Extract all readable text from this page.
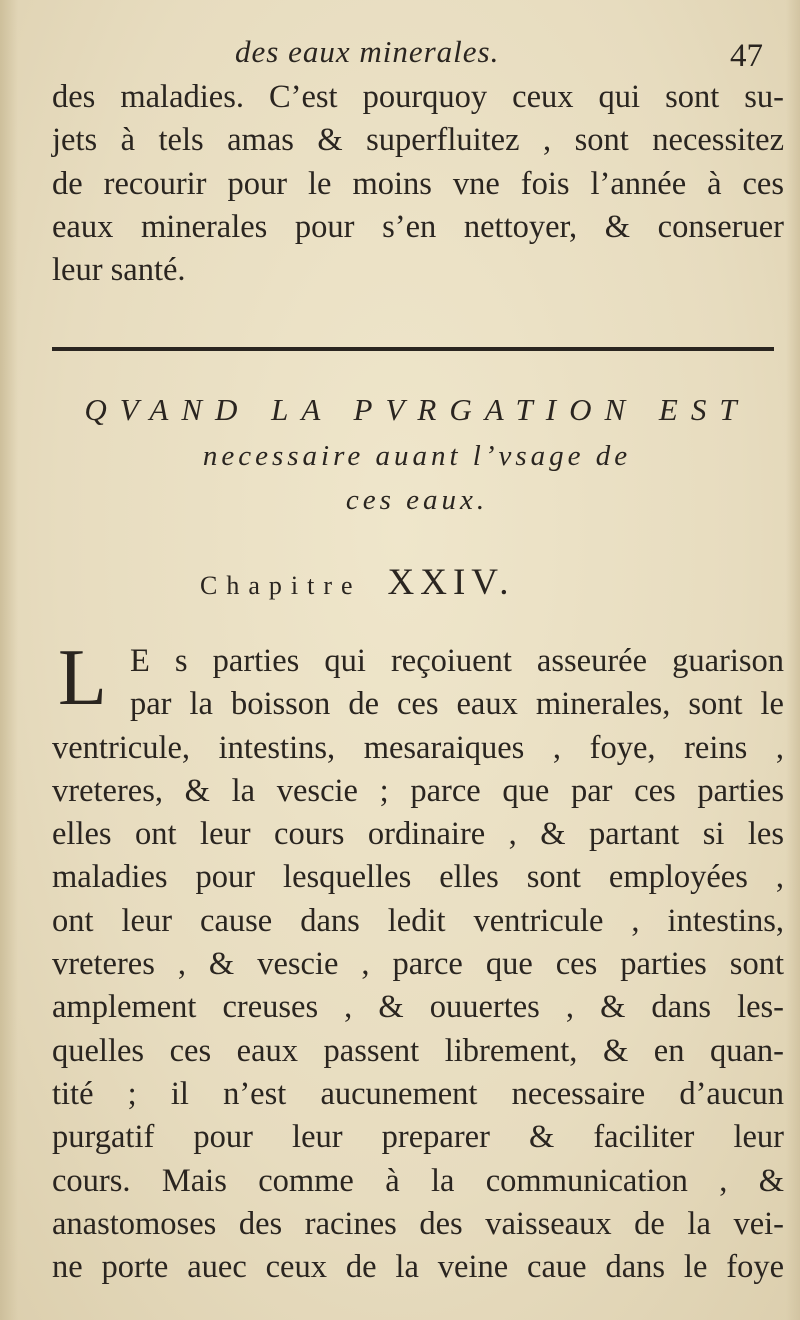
des eaux minerales.	47

des maladies. C’est pourquoy ceux qui sont su-
jets à tels amas & superfluitez , sont necessitez
de recourir pour le moins vne fois l’année à ces
eaux minerales pour s’en nettoyer, & conseruer
leur santé.

QVAND LA PVRGATION EST

necessaire auant l’vsage de

ces eaux.

Chapitre XXIV.
L E s parties qui reçoiuent asseurée guarison
par la boisson de ces eaux minerales, sont le
ventricule, intestins, mesaraiques , foye, reins ,
vreteres, & la vescie ; parce que par ces parties
elles ont leur cours ordinaire , & partant si les
maladies pour lesquelles elles sont employées ,
ont leur cause dans ledit ventricule , intestins,
vreteres , & vescie , parce que ces parties sont
amplement creuses , & ouuertes , & dans les-
quelles ces eaux passent librement, & en quan-
tité ; il n’est aucunement necessaire d’aucun
purgatif pour leur preparer & faciliter leur
cours. Mais comme à la communication , &
anastomoses des racines des vaisseaux de la vei-
ne porte auec ceux de la veine caue dans le foye
